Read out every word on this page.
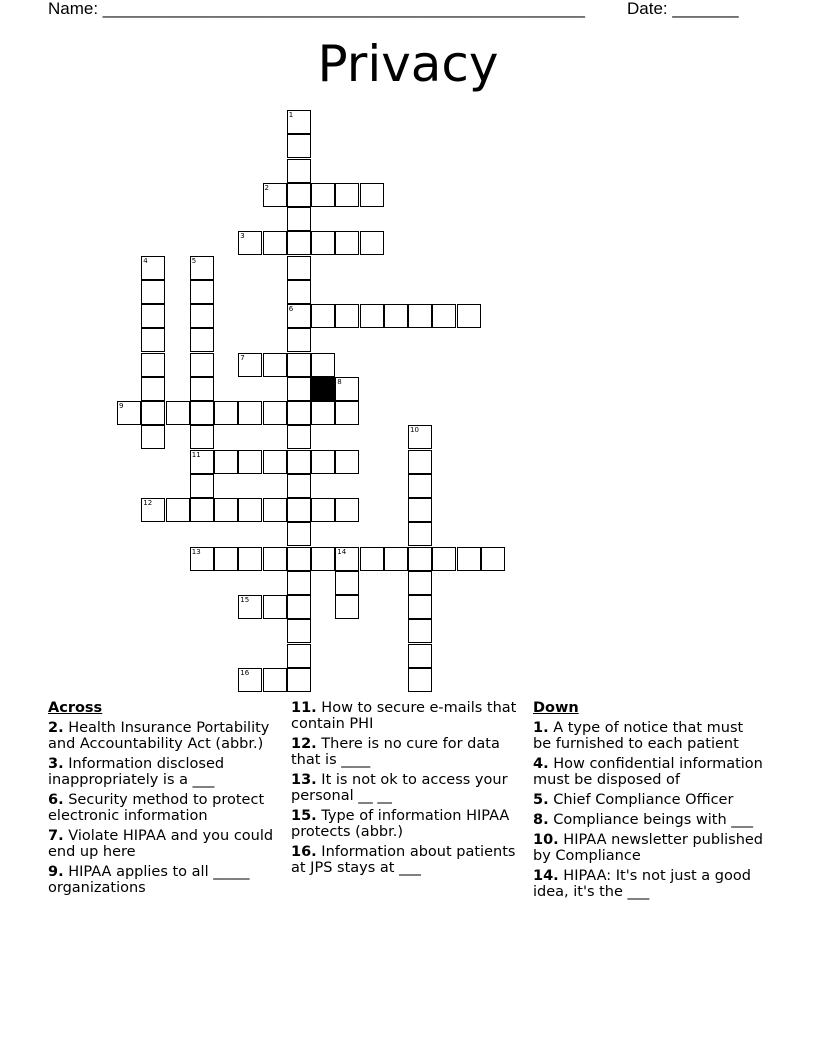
Name: ___________________________________________________ Date: _______
Privacy
1
6
2
3
4	5
11
7
8
9
10
12
13	14
15
16
Across
2. Health Insurance Portability and Accountability Act (abbr.)
3. Information disclosed inappropriately is a ___
6. Security method to protect electronic information
7. Violate HIPAA and you could end up here
9. HIPAA applies to all _____ organizations
11. How to secure e-mails that contain PHI
12. There is no cure for data that is ____
13. It is not ok to access your personal __ __
15. Type of information HIPAA protects (abbr.)
16. Information about patients at JPS stays at ___
Down
1. A type of notice that must be furnished to each patient
4. How confidential information must be disposed of
5. Chief Compliance Officer
8. Compliance beings with ___
10. HIPAA newsletter published by Compliance
14. HIPAA: It's not just a good idea, it's the ___
